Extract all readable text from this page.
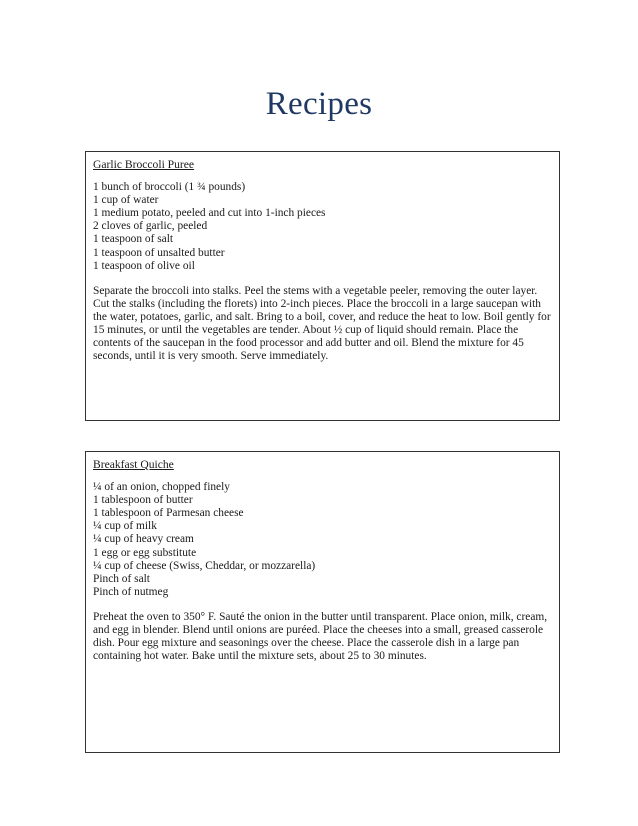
Recipes

Garlic Broccoli Puree

1 bunch of broccoli (1 ¾ pounds)
1 cup of water
1 medium potato, peeled and cut into 1-inch pieces
2 cloves of garlic, peeled
1 teaspoon of salt
1 teaspoon of unsalted butter
1 teaspoon of olive oil

Separate the broccoli into stalks. Peel the stems with a vegetable peeler, removing the outer layer. Cut the stalks (including the florets) into 2-inch pieces. Place the broccoli in a large saucepan with the water, potatoes, garlic, and salt. Bring to a boil, cover, and reduce the heat to low. Boil gently for 15 minutes, or until the vegetables are tender. About ½ cup of liquid should remain. Place the contents of the saucepan in the food processor and add butter and oil. Blend the mixture for 45 seconds, until it is very smooth. Serve immediately.

Breakfast Quiche

¼ of an onion, chopped finely
1 tablespoon of butter
1 tablespoon of Parmesan cheese
¼ cup of milk
¼ cup of heavy cream
1 egg or egg substitute
¼ cup of cheese (Swiss, Cheddar, or mozzarella)
Pinch of salt
Pinch of nutmeg

Preheat the oven to 350° F. Sauté the onion in the butter until transparent. Place onion, milk, cream, and egg in blender. Blend until onions are puréed. Place the cheeses into a small, greased casserole dish. Pour egg mixture and seasonings over the cheese. Place the casserole dish in a large pan containing hot water. Bake until the mixture sets, about 25 to 30 minutes.
